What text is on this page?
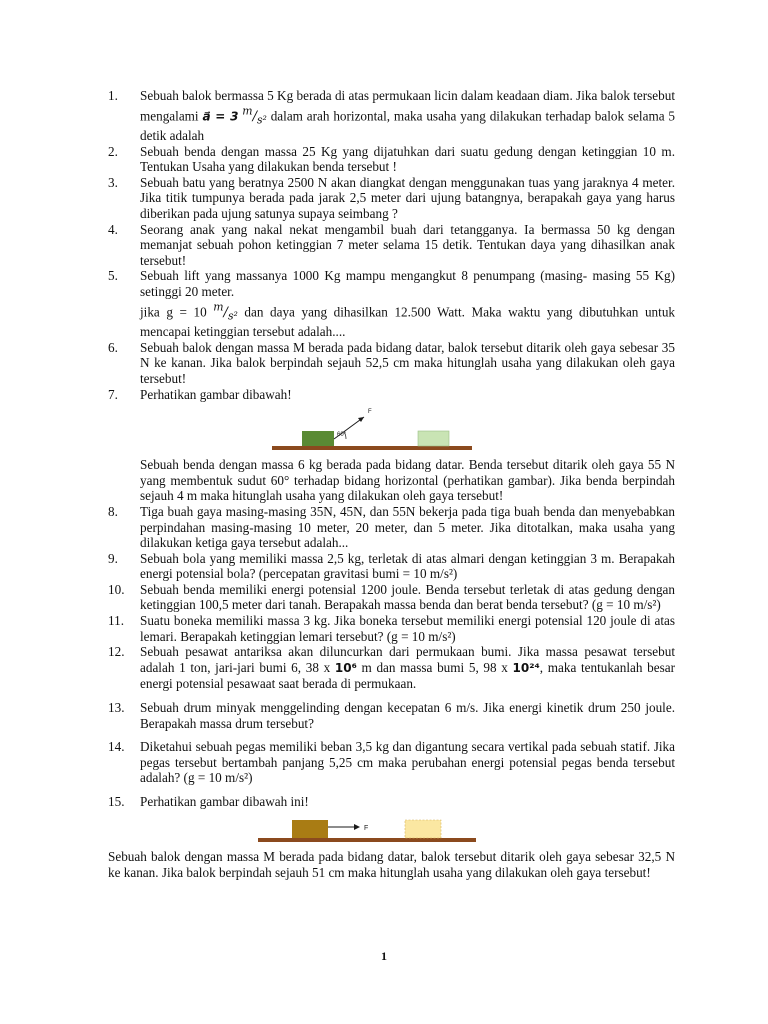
1.	Sebuah balok bermassa 5 Kg berada di atas permukaan licin dalam keadaan diam. Jika balok tersebut mengalami a⃗ = 3 $^m/_{s^2}$ dalam arah horizontal, maka usaha yang dilakukan terhadap balok selama 5 detik adalah

2.	Sebuah benda dengan massa 25 Kg yang dijatuhkan dari suatu gedung dengan ketinggian 10 m. Tentukan Usaha yang dilakukan benda tersebut !

3.	Sebuah batu yang beratnya 2500 N akan diangkat dengan menggunakan tuas yang jaraknya 4 meter. Jika titik tumpunya berada pada jarak 2,5 meter dari ujung batangnya, berapakah gaya yang harus diberikan pada ujung satunya supaya seimbang ?

4.	Seorang anak yang nakal nekat mengambil buah dari tetangganya. Ia bermassa 50 kg dengan memanjat sebuah pohon ketinggian 7 meter selama 15 detik. Tentukan daya yang dihasilkan anak tersebut!

5.	Sebuah lift yang massanya 1000 Kg mampu mengangkut 8 penumpang (masing- masing 55 Kg) setinggi 20 meter.

jika g = 10 $^m/_{s^2}$ dan daya yang dihasilkan 12.500 Watt. Maka waktu yang dibutuhkan untuk mencapai ketinggian tersebut adalah....

6.	Sebuah balok dengan massa M berada pada bidang datar, balok tersebut ditarik oleh gaya sebesar 35 N ke kanan. Jika balok berpindah sejauh 52,5 cm maka hitunglah usaha yang dilakukan oleh gaya tersebut!

7.	Perhatikan gambar dibawah!

F
60°

Sebuah benda dengan massa 6 kg berada pada bidang datar. Benda tersebut ditarik oleh gaya 55 N yang membentuk sudut 60° terhadap bidang horizontal (perhatikan gambar). Jika benda berpindah sejauh 4 m maka hitunglah usaha yang dilakukan oleh gaya tersebut!

8.	Tiga buah gaya masing-masing 35N, 45N, dan 55N bekerja pada tiga buah benda dan menyebabkan perpindahan masing-masing 10 meter, 20 meter, dan 5 meter. Jika ditotalkan, maka usaha yang dilakukan ketiga gaya tersebut adalah...

9.	Sebuah bola yang memiliki massa 2,5 kg, terletak di atas almari dengan ketinggian 3 m. Berapakah energi potensial bola? (percepatan gravitasi bumi = 10 m/s²)

10.	Sebuah benda memiliki energi potensial 1200 joule. Benda tersebut terletak di atas gedung dengan ketinggian 100,5 meter dari tanah. Berapakah massa benda dan berat benda tersebut? (g = 10 m/s²)

11.	Suatu boneka memiliki massa 3 kg. Jika boneka tersebut memiliki energi potensial 120 joule di atas lemari. Berapakah ketinggian lemari tersebut? (g = 10 m/s²)

12.	Sebuah pesawat antariksa akan diluncurkan dari permukaan bumi. Jika massa pesawat tersebut adalah 1 ton, jari-jari bumi 6, 38 x 10⁶ m dan massa bumi 5, 98 x 10²⁴, maka tentukanlah besar energi potensial pesawaat saat berada di permukaan.

13.	Sebuah drum minyak menggelinding dengan kecepatan 6 m/s. Jika energi kinetik drum 250 joule. Berapakah massa drum tersebut?

14.	Diketahui sebuah pegas memiliki beban 3,5 kg dan digantung secara vertikal pada sebuah statif. Jika pegas tersebut bertambah panjang 5,25 cm maka perubahan energi potensial pegas benda tersebut adalah? (g = 10 m/s²)

15.	Perhatikan gambar dibawah ini!

F

Sebuah balok dengan massa M berada pada bidang datar, balok tersebut ditarik oleh gaya sebesar 32,5 N ke kanan. Jika balok berpindah sejauh 51 cm maka hitunglah usaha yang dilakukan oleh gaya tersebut!

1
